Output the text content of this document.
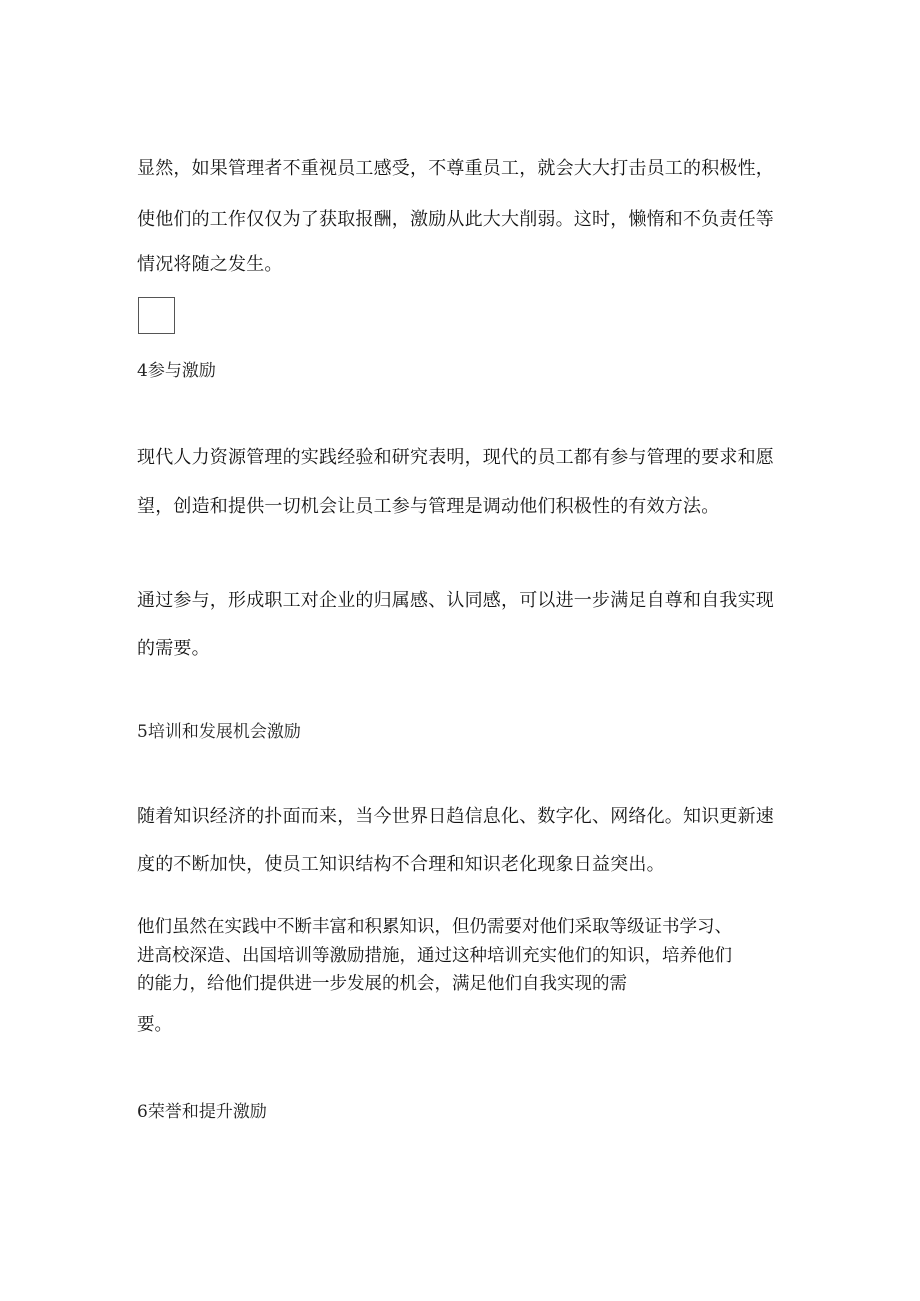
显然，如果管理者不重视员工感受，不尊重员工，就会大大打击员工的积极性，
使他们的工作仅仅为了获取报酬，激励从此大大削弱。这时，懒惰和不负责任等
情况将随之发生。
4参与激励
现代人力资源管理的实践经验和研究表明，现代的员工都有参与管理的要求和愿
望，创造和提供一切机会让员工参与管理是调动他们积极性的有效方法。
通过参与，形成职工对企业的归属感、认同感，可以进一步满足自尊和自我实现
的需要。
5培训和发展机会激励
随着知识经济的扑面而来，当今世界日趋信息化、数字化、网络化。知识更新速
度的不断加快，使员工知识结构不合理和知识老化现象日益突出。
他们虽然在实践中不断丰富和积累知识，但仍需要对他们采取等级证书学习、
进高校深造、出国培训等激励措施，通过这种培训充实他们的知识，培养他们
的能力，给他们提供进一步发展的机会，满足他们自我实现的需
要。
6荣誉和提升激励
